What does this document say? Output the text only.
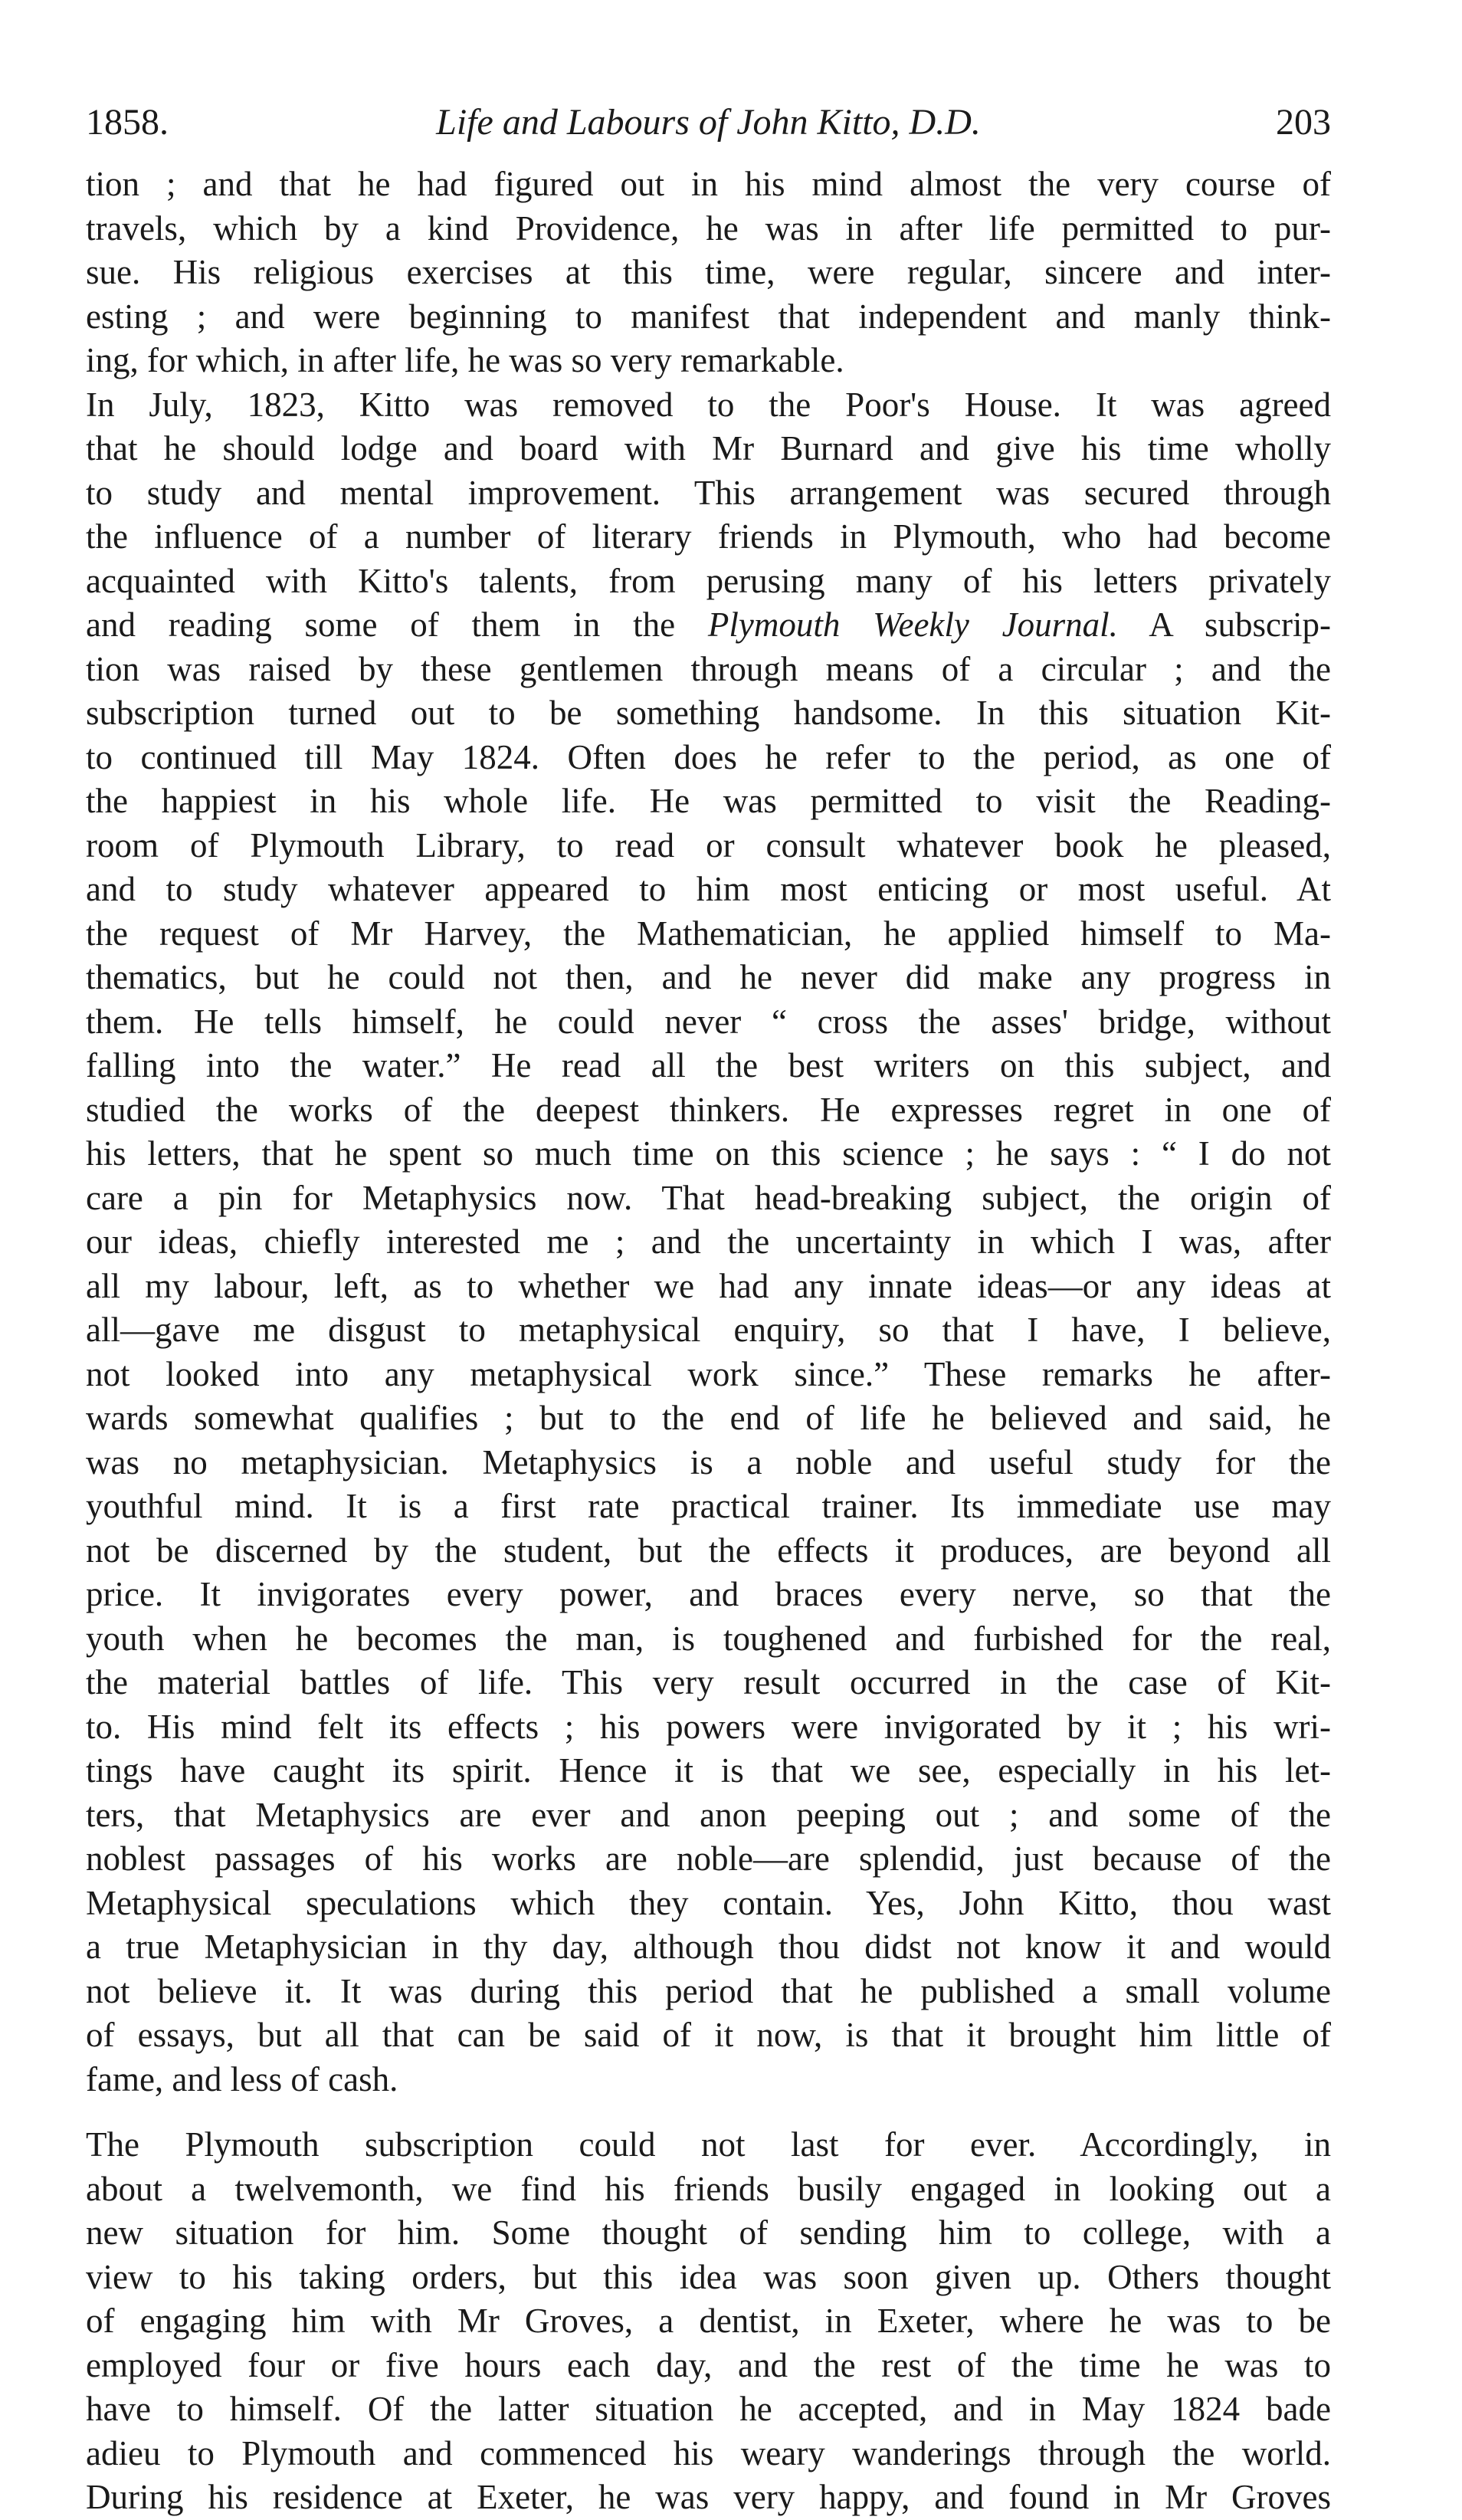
1858.	Life and Labours of John Kitto, D.D.	203
tion ; and that he had figured out in his mind almost the very course of
travels, which by a kind Providence, he was in after life permitted to pur-
sue. His religious exercises at this time, were regular, sincere and inter-
esting ; and were beginning to manifest that independent and manly think-
ing, for which, in after life, he was so very remarkable.
In July, 1823, Kitto was removed to the Poor's House. It was agreed
that he should lodge and board with Mr Burnard and give his time wholly
to study and mental improvement. This arrangement was secured through
the influence of a number of literary friends in Plymouth, who had become
acquainted with Kitto's talents, from perusing many of his letters privately
and reading some of them in the Plymouth Weekly Journal. A subscrip-
tion was raised by these gentlemen through means of a circular ; and the
subscription turned out to be something handsome. In this situation Kit-
to continued till May 1824. Often does he refer to the period, as one of
the happiest in his whole life. He was permitted to visit the Reading-
room of Plymouth Library, to read or consult whatever book he pleased,
and to study whatever appeared to him most enticing or most useful. At
the request of Mr Harvey, the Mathematician, he applied himself to Ma-
thematics, but he could not then, and he never did make any progress in
them. He tells himself, he could never “ cross the asses' bridge, without
falling into the water.” He read all the best writers on this subject, and
studied the works of the deepest thinkers. He expresses regret in one of
his letters, that he spent so much time on this science ; he says : “ I do not
care a pin for Metaphysics now. That head-breaking subject, the origin of
our ideas, chiefly interested me ; and the uncertainty in which I was, after
all my labour, left, as to whether we had any innate ideas—or any ideas at
all—gave me disgust to metaphysical enquiry, so that I have, I believe,
not looked into any metaphysical work since.” These remarks he after-
wards somewhat qualifies ; but to the end of life he believed and said, he
was no metaphysician. Metaphysics is a noble and useful study for the
youthful mind. It is a first rate practical trainer. Its immediate use may
not be discerned by the student, but the effects it produces, are beyond all
price. It invigorates every power, and braces every nerve, so that the
youth when he becomes the man, is toughened and furbished for the real,
the material battles of life. This very result occurred in the case of Kit-
to. His mind felt its effects ; his powers were invigorated by it ; his wri-
tings have caught its spirit. Hence it is that we see, especially in his let-
ters, that Metaphysics are ever and anon peeping out ; and some of the
noblest passages of his works are noble—are splendid, just because of the
Metaphysical speculations which they contain. Yes, John Kitto, thou wast
a true Metaphysician in thy day, although thou didst not know it and would
not believe it. It was during this period that he published a small volume
of essays, but all that can be said of it now, is that it brought him little of
fame, and less of cash.
The Plymouth subscription could not last for ever. Accordingly, in
about a twelvemonth, we find his friends busily engaged in looking out a
new situation for him. Some thought of sending him to college, with a
view to his taking orders, but this idea was soon given up. Others thought
of engaging him with Mr Groves, a dentist, in Exeter, where he was to be
employed four or five hours each day, and the rest of the time he was to
have to himself. Of the latter situation he accepted, and in May 1824 bade
adieu to Plymouth and commenced his weary wanderings through the world.
During his residence at Exeter, he was very happy, and found in Mr Groves
